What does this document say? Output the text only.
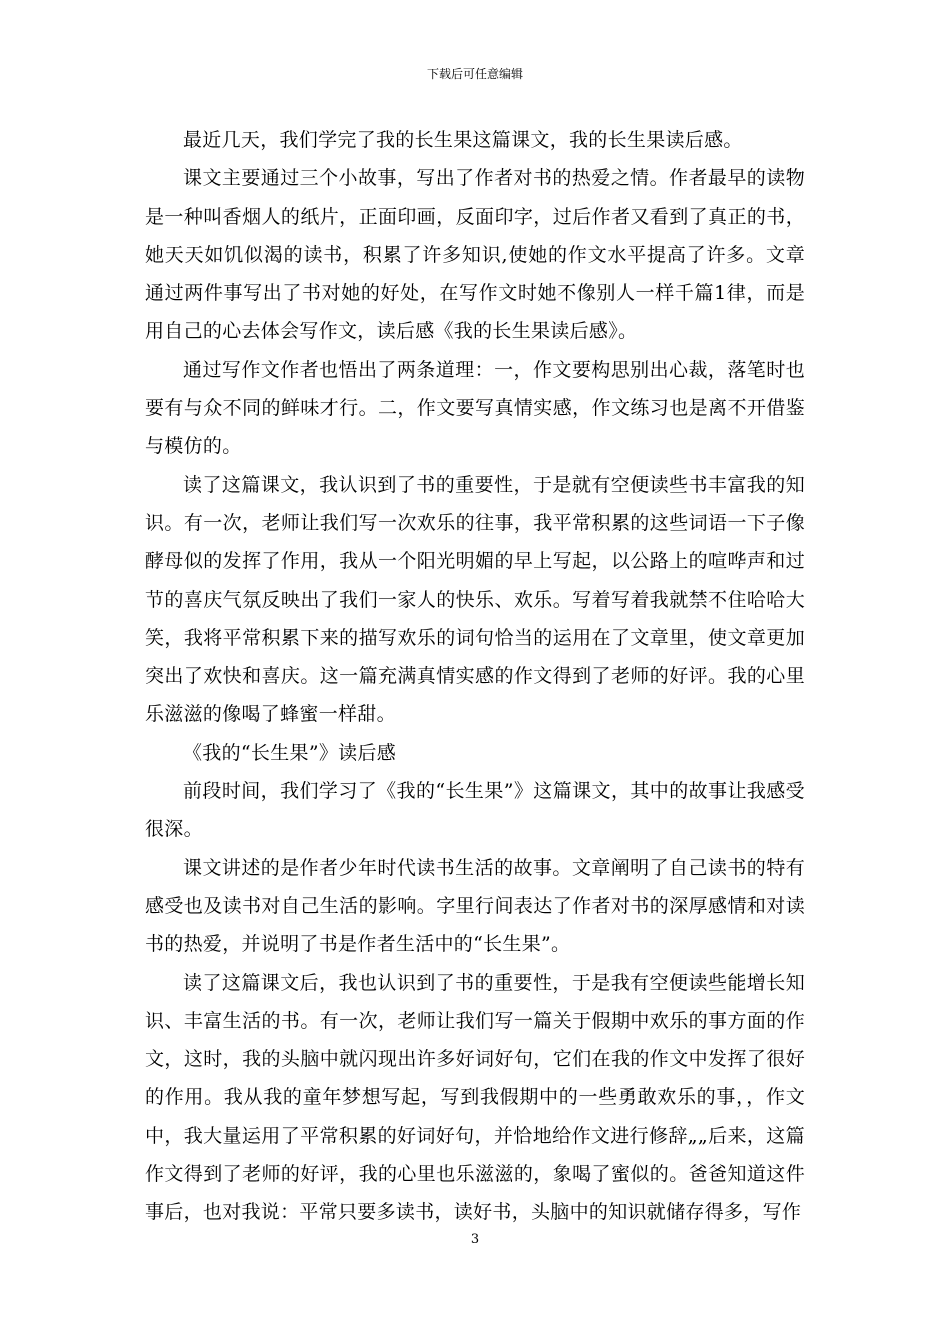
下载后可任意编辑

最近几天，我们学完了我的长生果这篇课文，我的长生果读后感。

课文主要通过三个小故事，写出了作者对书的热爱之情。作者最早的读物是一种叫香烟人的纸片，正面印画，反面印字，过后作者又看到了真正的书，她天天如饥似渴的读书，积累了许多知识,使她的作文水平提高了许多。文章通过两件事写出了书对她的好处，在写作文时她不像别人一样千篇1律，而是用自己的心去体会写作文，读后感《我的长生果读后感》。

通过写作文作者也悟出了两条道理：一，作文要构思别出心裁，落笔时也要有与众不同的鲜味才行。二，作文要写真情实感，作文练习也是离不开借鉴与模仿的。

读了这篇课文，我认识到了书的重要性，于是就有空便读些书丰富我的知识。有一次，老师让我们写一次欢乐的往事，我平常积累的这些词语一下子像酵母似的发挥了作用，我从一个阳光明媚的早上写起，以公路上的喧哗声和过节的喜庆气氛反映出了我们一家人的快乐、欢乐。写着写着我就禁不住哈哈大笑，我将平常积累下来的描写欢乐的词句恰当的运用在了文章里，使文章更加突出了欢快和喜庆。这一篇充满真情实感的作文得到了老师的好评。我的心里乐滋滋的像喝了蜂蜜一样甜。

《我的“长生果”》读后感

前段时间，我们学习了《我的“长生果”》这篇课文，其中的故事让我感受很深。

课文讲述的是作者少年时代读书生活的故事。文章阐明了自己读书的特有感受也及读书对自己生活的影响。字里行间表达了作者对书的深厚感情和对读书的热爱，并说明了书是作者生活中的“长生果”。

读了这篇课文后，我也认识到了书的重要性，于是我有空便读些能增长知识、丰富生活的书。有一次，老师让我们写一篇关于假期中欢乐的事方面的作文，这时，我的头脑中就闪现出许多好词好句，它们在我的作文中发挥了很好的作用。我从我的童年梦想写起，写到我假期中的一些勇敢欢乐的事，，作文中，我大量运用了平常积累的好词好句，并恰地给作文进行修辞„„后来，这篇作文得到了老师的好评，我的心里也乐滋滋的，象喝了蜜似的。爸爸知道这件事后，也对我说：平常只要多读书，读好书，头脑中的知识就储存得多，写作

3
